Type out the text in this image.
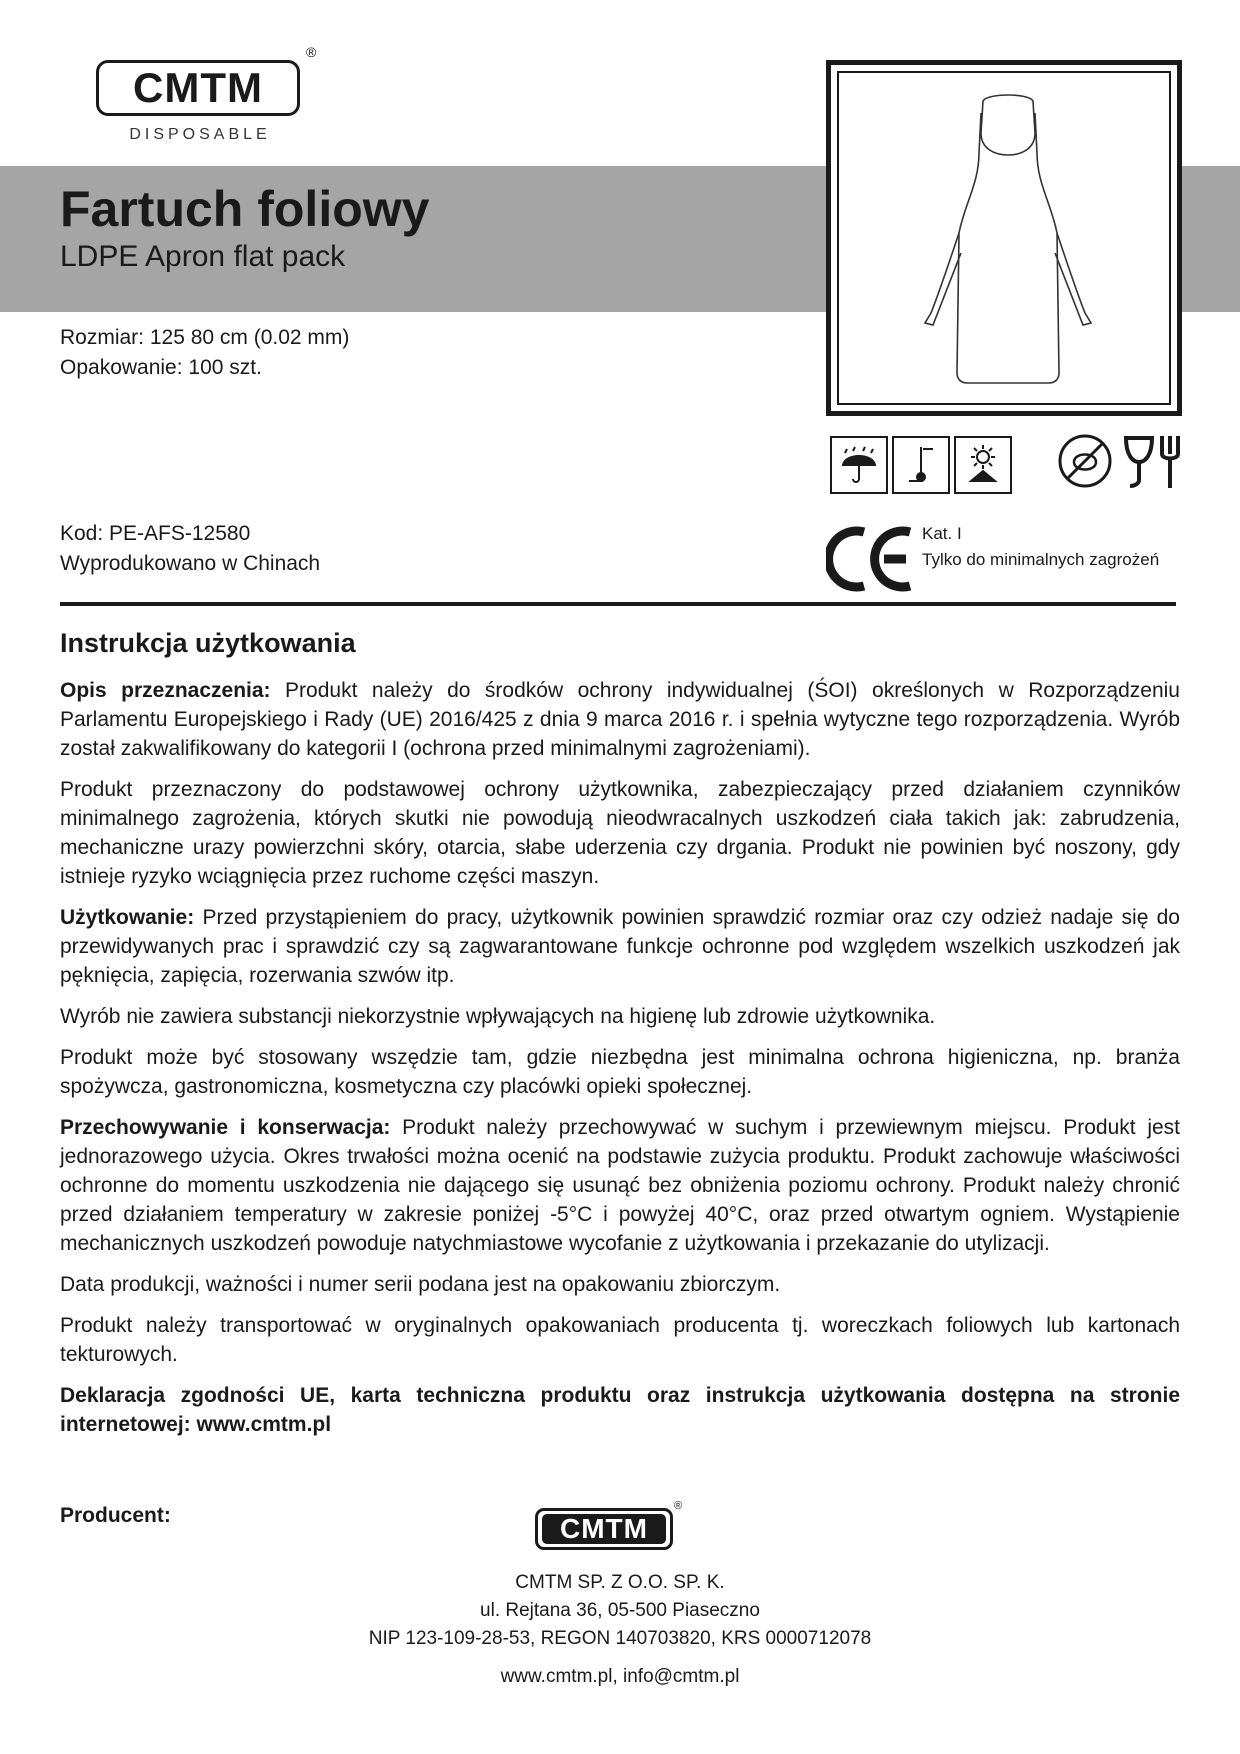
CMTM
®
DISPOSABLE
Fartuch foliowy
LDPE Apron flat pack
Rozmiar: 125 80 cm (0.02 mm)
Opakowanie: 100 szt.
Kod: PE-AFS-12580
Wyprodukowano w Chinach
Kat. I
Tylko do minimalnych zagrożeń
Instrukcja użytkowania

Opis przeznaczenia: Produkt należy do środków ochrony indywidualnej (ŚOI) określonych w Rozporządzeniu Parlamentu Europejskiego i Rady (UE) 2016/425 z dnia 9 marca 2016 r. i spełnia wytyczne tego rozporządzenia. Wyrób został zakwalifikowany do kategorii I (ochrona przed minimalnymi zagrożeniami).

Produkt przeznaczony do podstawowej ochrony użytkownika, zabezpieczający przed działaniem czynników minimalnego zagrożenia, których skutki nie powodują nieodwracalnych uszkodzeń ciała takich jak: zabrudzenia, mechaniczne urazy powierzchni skóry, otarcia, słabe uderzenia czy drgania. Produkt nie powinien być noszony, gdy istnieje ryzyko wciągnięcia przez ruchome części maszyn.

Użytkowanie: Przed przystąpieniem do pracy, użytkownik powinien sprawdzić rozmiar oraz czy odzież nadaje się do przewidywanych prac i sprawdzić czy są zagwarantowane funkcje ochronne pod względem wszelkich uszkodzeń jak pęknięcia, zapięcia, rozerwania szwów itp.

Wyrób nie zawiera substancji niekorzystnie wpływających na higienę lub zdrowie użytkownika.

Produkt może być stosowany wszędzie tam, gdzie niezbędna jest minimalna ochrona higieniczna, np. branża spożywcza, gastronomiczna, kosmetyczna czy placówki opieki społecznej.

Przechowywanie i konserwacja: Produkt należy przechowywać w suchym i przewiewnym miejscu. Produkt jest jednorazowego użycia. Okres trwałości można ocenić na podstawie zużycia produktu. Produkt zachowuje właściwości ochronne do momentu uszkodzenia nie dającego się usunąć bez obniżenia poziomu ochrony. Produkt należy chronić przed działaniem temperatury w zakresie poniżej -5°C i powyżej 40°C, oraz przed otwartym ogniem. Wystąpienie mechanicznych uszkodzeń powoduje natychmiastowe wycofanie z użytkowania i przekazanie do utylizacji.

Data produkcji, ważności i numer serii podana jest na opakowaniu zbiorczym.

Produkt należy transportować w oryginalnych opakowaniach producenta tj. woreczkach foliowych lub kartonach tekturowych.

Deklaracja zgodności UE, karta techniczna produktu oraz instrukcja użytkowania dostępna na stronie internetowej: www.cmtm.pl

Producent:	CMTM
®
CMTM SP. Z O.O. SP. K.
ul. Rejtana 36, 05-500 Piaseczno
NIP 123-109-28-53, REGON 140703820, KRS 0000712078
www.cmtm.pl, info@cmtm.pl
